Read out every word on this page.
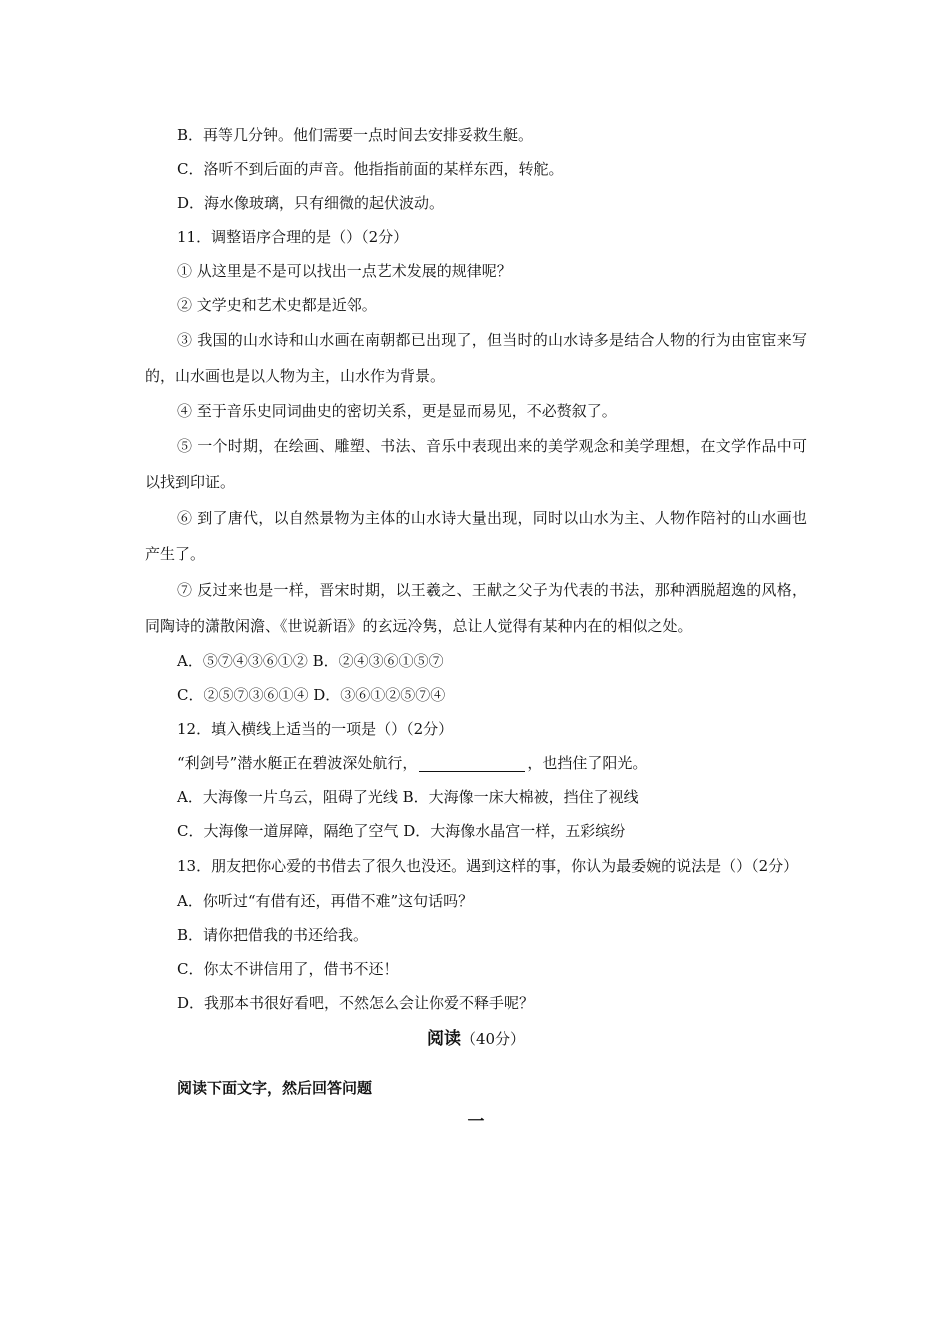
B．再等几分钟。他们需要一点时间去安排妥救生艇。

C．洛听不到后面的声音。他指指前面的某样东西，转舵。

D．海水像玻璃，只有细微的起伏波动。

11．调整语序合理的是（）（2分）

① 从这里是不是可以找出一点艺术发展的规律呢？

② 文学史和艺术史都是近邻。

③ 我国的山水诗和山水画在南朝都已出现了，但当时的山水诗多是结合人物的行为由宦宦来写的，山水画也是以人物为主，山水作为背景。

④ 至于音乐史同词曲史的密切关系，更是显而易见，不必赘叙了。

⑤ 一个时期，在绘画、雕塑、书法、音乐中表现出来的美学观念和美学理想，在文学作品中可以找到印证。

⑥ 到了唐代，以自然景物为主体的山水诗大量出现，同时以山水为主、人物作陪衬的山水画也产生了。

⑦ 反过来也是一样，晋宋时期，以王羲之、王献之父子为代表的书法，那种洒脱超逸的风格，同陶诗的潇散闲澹、《世说新语》的玄远冷隽，总让人觉得有某种内在的相似之处。

A．⑤⑦④③⑥①② B．②④③⑥①⑤⑦

C．②⑤⑦③⑥①④ D．③⑥①②⑤⑦④

12．填入横线上适当的一项是（）（2分）

“利剑号”潜水艇正在碧波深处航行，	，也挡住了阳光。

A．大海像一片乌云，阻碍了光线 B．大海像一床大棉被，挡住了视线

C．大海像一道屏障，隔绝了空气 D．大海像水晶宫一样，五彩缤纷

13．朋友把你心爱的书借去了很久也没还。遇到这样的事，你认为最委婉的说法是（）（2分）

A．你听过“有借有还，再借不难”这句话吗？

B．请你把借我的书还给我。

C．你太不讲信用了，借书不还！

D．我那本书很好看吧，不然怎么会让你爱不释手呢？

阅读（40分）

阅读下面文字，然后回答问题

一
